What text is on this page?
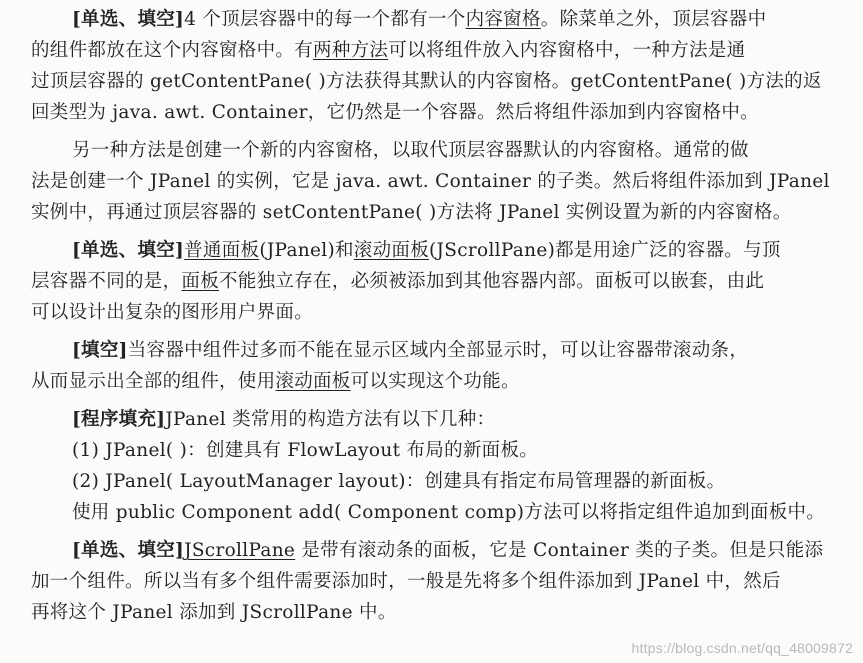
[单选、填空]4 个顶层容器中的每一个都有一个内容窗格。除菜单之外，顶层容器中
的组件都放在这个内容窗格中。有两种方法可以将组件放入内容窗格中，一种方法是通
过顶层容器的 getContentPane( )方法获得其默认的内容窗格。getContentPane( )方法的返
回类型为 java. awt. Container，它仍然是一个容器。然后将组件添加到内容窗格中。
另一种方法是创建一个新的内容窗格，以取代顶层容器默认的内容窗格。通常的做
法是创建一个 JPanel 的实例，它是 java. awt. Container 的子类。然后将组件添加到 JPanel
实例中，再通过顶层容器的 setContentPane( )方法将 JPanel 实例设置为新的内容窗格。
[单选、填空]普通面板(JPanel)和滚动面板(JScrollPane)都是用途广泛的容器。与顶
层容器不同的是，面板不能独立存在，必须被添加到其他容器内部。面板可以嵌套，由此
可以设计出复杂的图形用户界面。
[填空]当容器中组件过多而不能在显示区域内全部显示时，可以让容器带滚动条，
从而显示出全部的组件，使用滚动面板可以实现这个功能。
[程序填充]JPanel 类常用的构造方法有以下几种：
(1) JPanel( )：创建具有 FlowLayout 布局的新面板。
(2) JPanel( LayoutManager layout)：创建具有指定布局管理器的新面板。
使用 public Component add( Component comp)方法可以将指定组件追加到面板中。
[单选、填空]JScrollPane 是带有滚动条的面板，它是 Container 类的子类。但是只能添
加一个组件。所以当有多个组件需要添加时，一般是先将多个组件添加到 JPanel 中，然后
再将这个 JPanel 添加到 JScrollPane 中。
https://blog.csdn.net/qq_48009872
